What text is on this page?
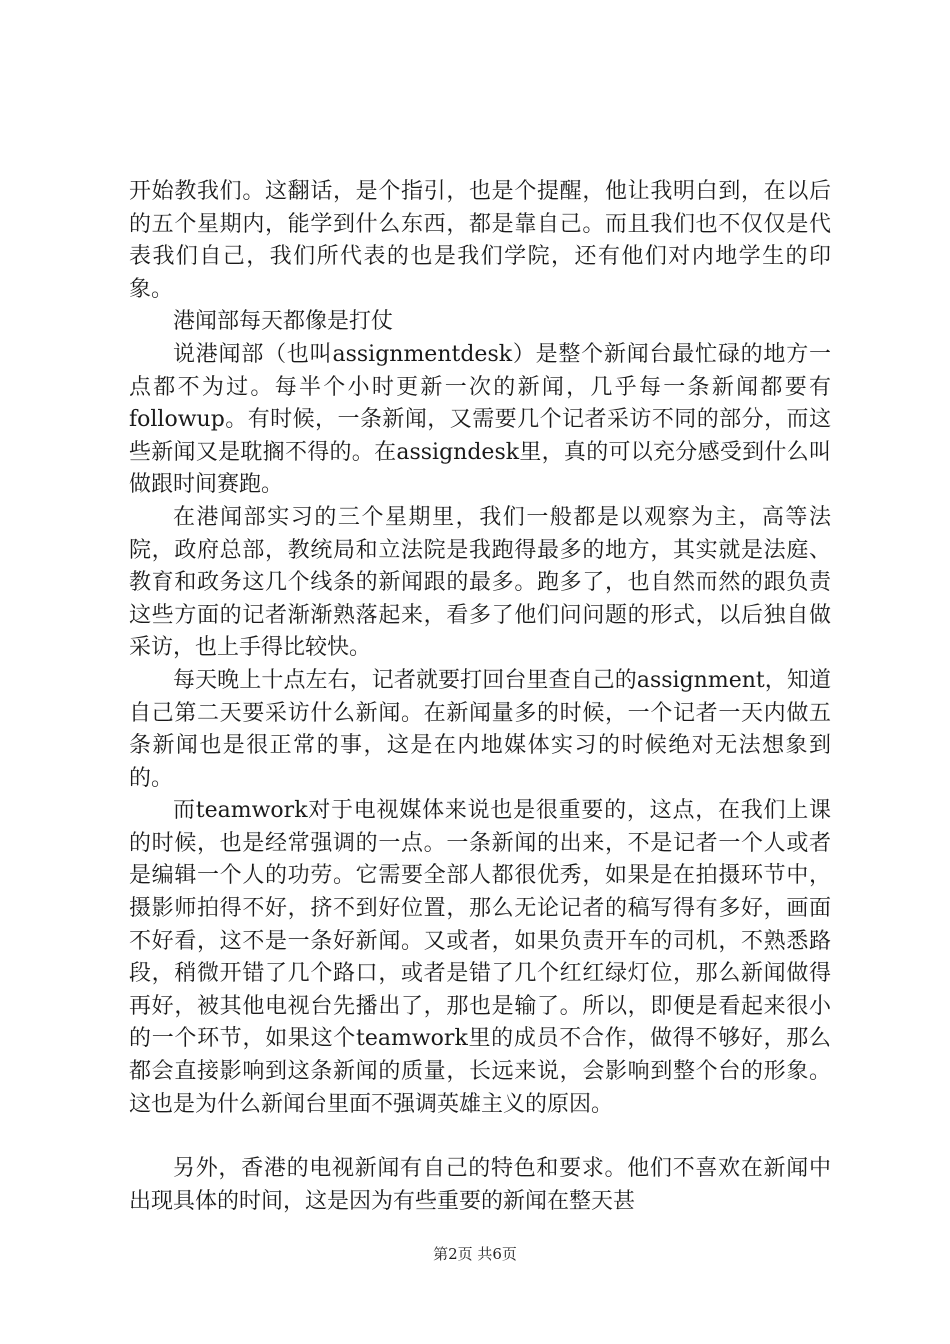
开始教我们。这翻话，是个指引，也是个提醒，他让我明白到，在以后的五个星期内，能学到什么东西，都是靠自己。而且我们也不仅仅是代表我们自己，我们所代表的也是我们学院，还有他们对内地学生的印象。

港闻部每天都像是打仗

说港闻部（也叫assignmentdesk）是整个新闻台最忙碌的地方一点都不为过。每半个小时更新一次的新闻，几乎每一条新闻都要有followup。有时候，一条新闻，又需要几个记者采访不同的部分，而这些新闻又是耽搁不得的。在assigndesk里，真的可以充分感受到什么叫做跟时间赛跑。

在港闻部实习的三个星期里，我们一般都是以观察为主，高等法院，政府总部，教统局和立法院是我跑得最多的地方，其实就是法庭、教育和政务这几个线条的新闻跟的最多。跑多了，也自然而然的跟负责这些方面的记者渐渐熟落起来，看多了他们问问题的形式，以后独自做采访，也上手得比较快。

每天晚上十点左右，记者就要打回台里查自己的assignment，知道自己第二天要采访什么新闻。在新闻量多的时候，一个记者一天内做五条新闻也是很正常的事，这是在内地媒体实习的时候绝对无法想象到的。

而teamwork对于电视媒体来说也是很重要的，这点，在我们上课的时候，也是经常强调的一点。一条新闻的出来，不是记者一个人或者是编辑一个人的功劳。它需要全部人都很优秀，如果是在拍摄环节中，摄影师拍得不好，挤不到好位置，那么无论记者的稿写得有多好，画面不好看，这不是一条好新闻。又或者，如果负责开车的司机，不熟悉路段，稍微开错了几个路口，或者是错了几个红红绿灯位，那么新闻做得再好，被其他电视台先播出了，那也是输了。所以，即便是看起来很小的一个环节，如果这个teamwork里的成员不合作，做得不够好，那么都会直接影响到这条新闻的质量，长远来说，会影响到整个台的形象。这也是为什么新闻台里面不强调英雄主义的原因。

另外，香港的电视新闻有自己的特色和要求。他们不喜欢在新闻中出现具体的时间，这是因为有些重要的新闻在整天甚

第2页 共6页
